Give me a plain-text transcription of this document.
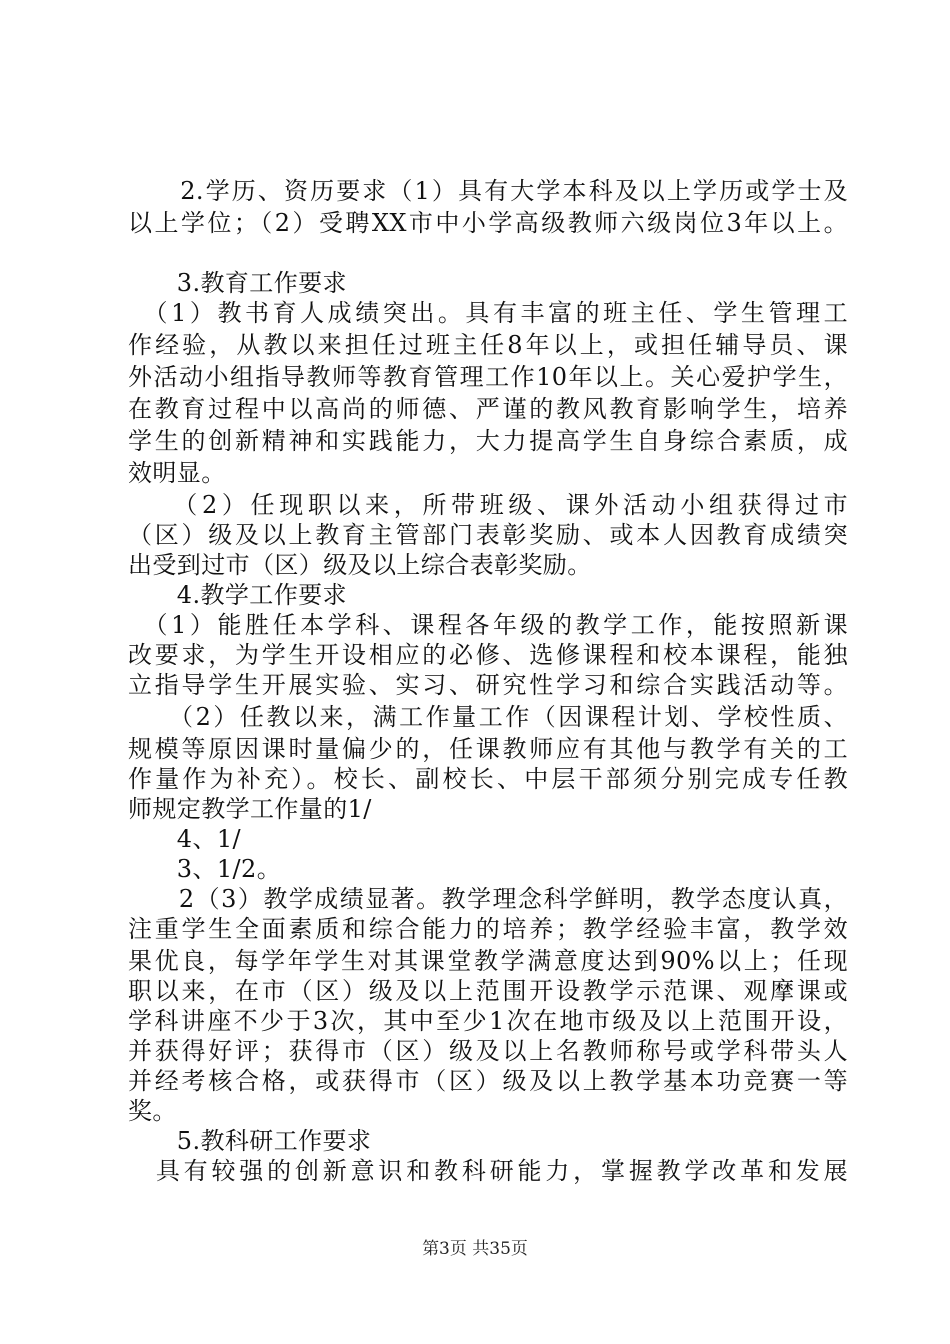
　　2.学历、资历要求（1）具有大学本科及以上学历或学士及
以上学位；（2）受聘XX市中小学高级教师六级岗位3年以上。
　　3.教育工作要求
　（1）教书育人成绩突出。具有丰富的班主任、学生管理工
作经验，从教以来担任过班主任8年以上，或担任辅导员、课
外活动小组指导教师等教育管理工作10年以上。关心爱护学生，
在教育过程中以高尚的师德、严谨的教风教育影响学生，培养
学生的创新精神和实践能力，大力提高学生自身综合素质，成
效明显。
　　（2）任现职以来，所带班级、课外活动小组获得过市
（区）级及以上教育主管部门表彰奖励、或本人因教育成绩突
出受到过市（区）级及以上综合表彰奖励。
　　4.教学工作要求
　（1）能胜任本学科、课程各年级的教学工作，能按照新课
改要求，为学生开设相应的必修、选修课程和校本课程，能独
立指导学生开展实验、实习、研究性学习和综合实践活动等。
　　（2）任教以来，满工作量工作（因课程计划、学校性质、
规模等原因课时量偏少的，任课教师应有其他与教学有关的工
作量作为补充）。校长、副校长、中层干部须分别完成专任教
师规定教学工作量的1/
　　4、1/
　　3、1/2。
　　2（3）教学成绩显著。教学理念科学鲜明，教学态度认真，
注重学生全面素质和综合能力的培养；教学经验丰富，教学效
果优良，每学年学生对其课堂教学满意度达到90%以上；任现
职以来，在市（区）级及以上范围开设教学示范课、观摩课或
学科讲座不少于3次，其中至少1次在地市级及以上范围开设，
并获得好评；获得市（区）级及以上名教师称号或学科带头人
并经考核合格，或获得市（区）级及以上教学基本功竞赛一等
奖。
　　5.教科研工作要求
　具有较强的创新意识和教科研能力，掌握教学改革和发展
第3页 共35页
